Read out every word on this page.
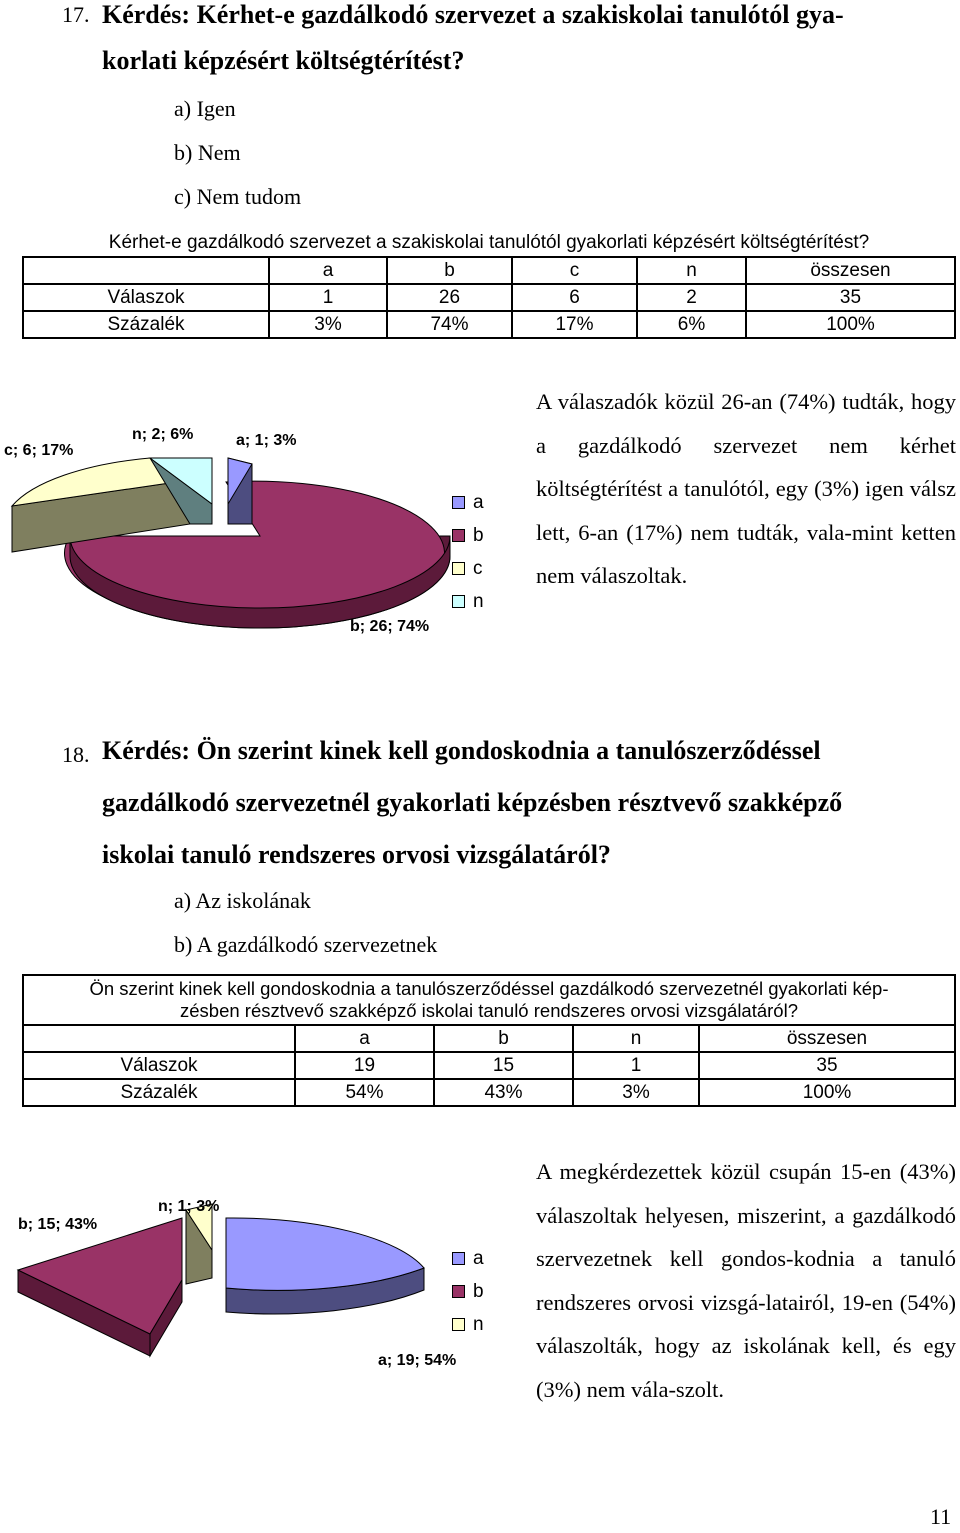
17. Kérdés: Kérhet-e gazdálkodó szervezet a szakiskolai tanulótól gya-
korlati képzésért költségtérítést?
a) Igen
b) Nem
c) Nem tudom
Kérhet-e gazdálkodó szervezet a szakiskolai tanulótól gyakorlati képzésért költségtérítést?					
	a	b	c	n	összesen
Válaszok	1	26	6	2	35
Százalék	3%	74%	17%	6%	100%
c; 6; 17%
n; 2; 6%	a; 1; 3%
b; 26; 74%
a
b
c
n
A válaszadók közül 26-an (74%) tudták, hogy a gazdálkodó szervezet nem kérhet költségtérítést a tanulótól, egy (3%) igen válsz lett, 6-an (17%) nem tudták, vala-mint ketten nem válaszoltak.
18. Kérdés: Ön szerint kinek kell gondoskodnia a tanulószerződéssel
gazdálkodó szervezetnél gyakorlati képzésben résztvevő szakképző
iskolai tanuló rendszeres orvosi vizsgálatáról?
a) Az iskolának
b) A gazdálkodó szervezetnek
Ön szerint kinek kell gondoskodnia a tanulószerződéssel gazdálkodó szervezetnél gyakorlati kép-
zésben résztvevő szakképző iskolai tanuló rendszeres orvosi vizsgálatáról?				

	a	b	n	összesen
Válaszok	19	15	1	35
Százalék	54%	43%	3%	100%
b; 15; 43%
n; 1; 3%
a; 19; 54%
a
b
n
A megkérdezettek közül csupán 15-en (43%) válaszoltak helyesen, miszerint, a gazdálkodó szervezetnek kell gondos-kodnia a tanuló rendszeres orvosi vizsgá-latairól, 19-en (54%) válaszolták, hogy az iskolának kell, és egy (3%) nem vála-szolt.
11
